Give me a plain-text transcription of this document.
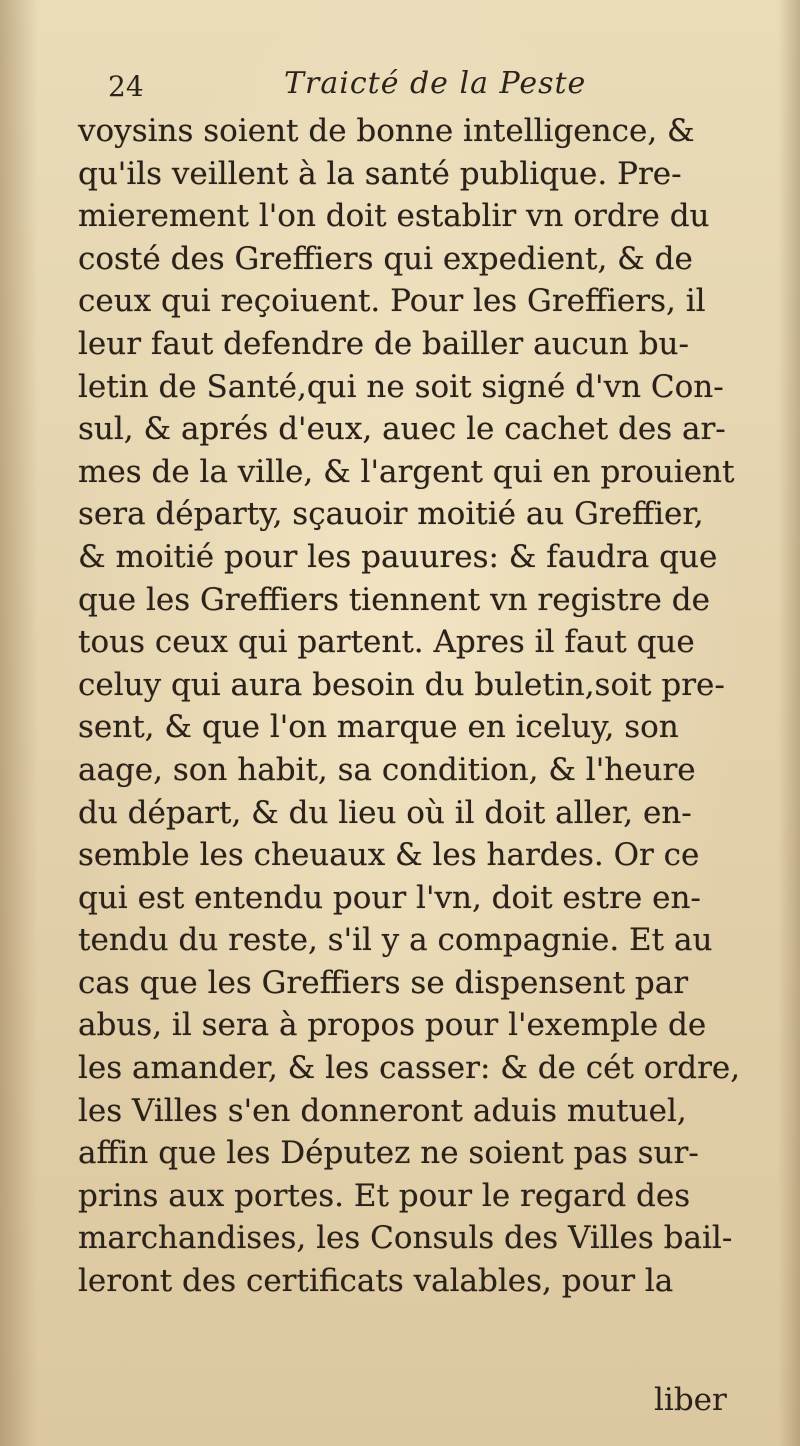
24	Traicté de la Peste
voysins soient de bonne intelligence, &
qu'ils veillent à la santé publique. Pre-
mierement l'on doit establir vn ordre du
costé des Greffiers qui expedient, & de
ceux qui reçoiuent. Pour les Greffiers, il
leur faut defendre de bailler aucun bu-
letin de Santé,qui ne soit signé d'vn Con-
sul, & aprés d'eux, auec le cachet des ar-
mes de la ville, & l'argent qui en prouient
sera départy, sçauoir moitié au Greffier,
& moitié pour les pauures: & faudra que
que les Greffiers tiennent vn registre de
tous ceux qui partent. Apres il faut que
celuy qui aura besoin du buletin,soit pre-
sent, & que l'on marque en iceluy, son
aage, son habit, sa condition, & l'heure
du départ, & du lieu où il doit aller, en-
semble les cheuaux & les hardes. Or ce
qui est entendu pour l'vn, doit estre en-
tendu du reste, s'il y a compagnie. Et au
cas que les Greffiers se dispensent par
abus, il sera à propos pour l'exemple de
les amander, & les casser: & de cét ordre,
les Villes s'en donneront aduis mutuel,
affin que les Députez ne soient pas sur-
prins aux portes. Et pour le regard des
marchandises, les Consuls des Villes bail-
leront des certificats valables, pour la
liber
